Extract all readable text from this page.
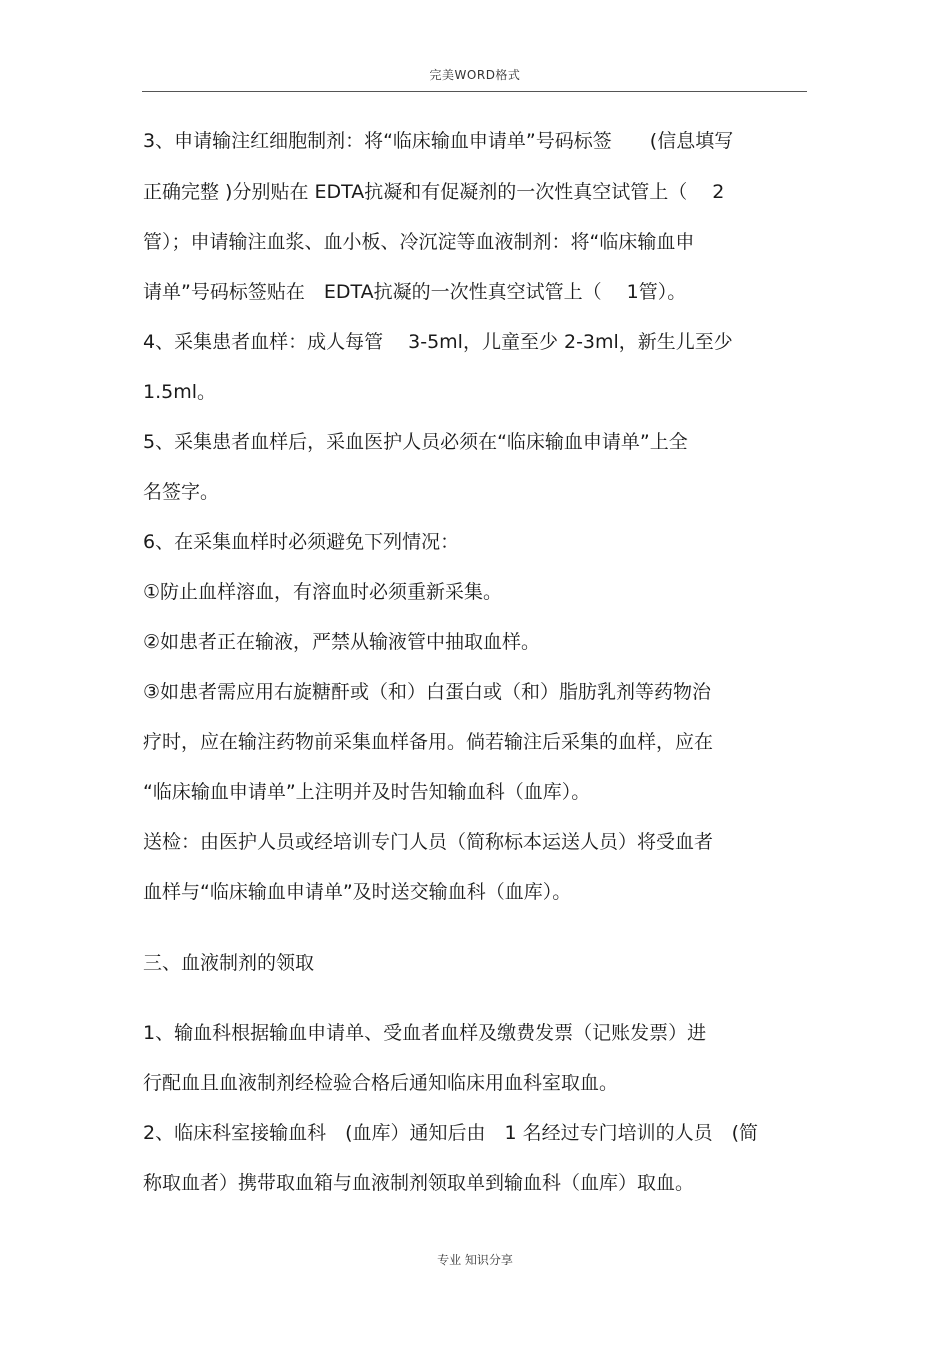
完美WORD格式
3、申请输注红细胞制剂：将“临床输血申请单”号码标签　　(信息填写
正确完整 )分别贴在 EDTA抗凝和有促凝剂的一次性真空试管上（　 2
管）；申请输注血浆、血小板、冷沉淀等血液制剂：将“临床输血申
请单”号码标签贴在　EDTA抗凝的一次性真空试管上（　 1管）。
4、采集患者血样：成人每管　 3-5ml，儿童至少 2-3ml，新生儿至少
1.5ml。
5、采集患者血样后，采血医护人员必须在“临床输血申请单”上全
名签字。
6、在采集血样时必须避免下列情况：
①防止血样溶血，有溶血时必须重新采集。
②如患者正在输液，严禁从输液管中抽取血样。
③如患者需应用右旋糖酐或（和）白蛋白或（和）脂肪乳剂等药物治
疗时，应在输注药物前采集血样备用。倘若输注后采集的血样，应在
“临床输血申请单”上注明并及时告知输血科（血库）。
送检：由医护人员或经培训专门人员（简称标本运送人员）将受血者
血样与“临床输血申请单”及时送交输血科（血库）。
三、血液制剂的领取
1、输血科根据输血申请单、受血者血样及缴费发票（记账发票）进
行配血且血液制剂经检验合格后通知临床用血科室取血。
2、临床科室接输血科　(血库）通知后由　1 名经过专门培训的人员　(简
称取血者）携带取血箱与血液制剂领取单到输血科（血库）取血。
专业 知识分享
